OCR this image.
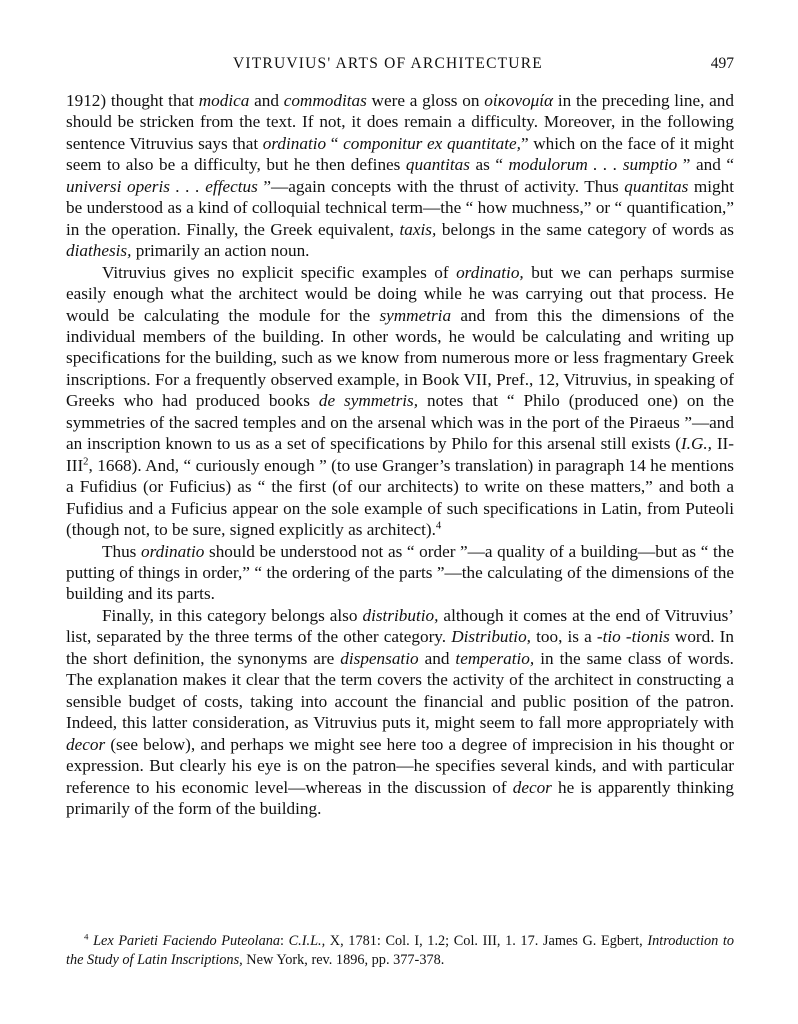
VITRUVIUS' ARTS OF ARCHITECTURE	497

1912) thought that modica and commoditas were a gloss on οἰκονομία in the preceding line, and should be stricken from the text. If not, it does remain a difficulty. Moreover, in the following sentence Vitruvius says that ordinatio “ componitur ex quantitate,” which on the face of it might seem to also be a difficulty, but he then defines quantitas as “ modulorum . . . sumptio ” and “ universi operis . . . effectus ”—again concepts with the thrust of activity. Thus quantitas might be understood as a kind of colloquial technical term—the “ how muchness,” or “ quantification,” in the operation. Finally, the Greek equivalent, taxis, belongs in the same category of words as diathesis, primarily an action noun.

Vitruvius gives no explicit specific examples of ordinatio, but we can perhaps surmise easily enough what the architect would be doing while he was carrying out that process. He would be calculating the module for the symmetria and from this the dimensions of the individual members of the building. In other words, he would be calculating and writing up specifications for the building, such as we know from numerous more or less fragmentary Greek inscriptions. For a frequently observed example, in Book VII, Pref., 12, Vitruvius, in speaking of Greeks who had produced books de symmetris, notes that “ Philo (produced one) on the symmetries of the sacred temples and on the arsenal which was in the port of the Piraeus ”—and an inscription known to us as a set of specifications by Philo for this arsenal still exists (I.G., II-III$^2$, 1668). And, “ curiously enough ” (to use Granger’s translation) in paragraph 14 he mentions a Fufidius (or Fuficius) as “ the first (of our architects) to write on these matters,” and both a Fufidius and a Fuficius appear on the sole example of such specifications in Latin, from Puteoli (though not, to be sure, signed explicitly as architect).$^4$

Thus ordinatio should be understood not as “ order ”—a quality of a building—but as “ the putting of things in order,” “ the ordering of the parts ”—the calculating of the dimensions of the building and its parts.

Finally, in this category belongs also distributio, although it comes at the end of Vitruvius’ list, separated by the three terms of the other category. Distributio, too, is a -tio -tionis word. In the short definition, the synonyms are dispensatio and temperatio, in the same class of words. The explanation makes it clear that the term covers the activity of the architect in constructing a sensible budget of costs, taking into account the financial and public position of the patron. Indeed, this latter consideration, as Vitruvius puts it, might seem to fall more appropriately with decor (see below), and perhaps we might see here too a degree of imprecision in his thought or expression. But clearly his eye is on the patron—he specifies several kinds, and with particular reference to his economic level—whereas in the discussion of decor he is apparently thinking primarily of the form of the building.

$^4$ Lex Parieti Faciendo Puteolana: C.I.L., X, 1781: Col. I, 1.2; Col. III, 1. 17. James G. Egbert, Introduction to the Study of Latin Inscriptions, New York, rev. 1896, pp. 377-378.
